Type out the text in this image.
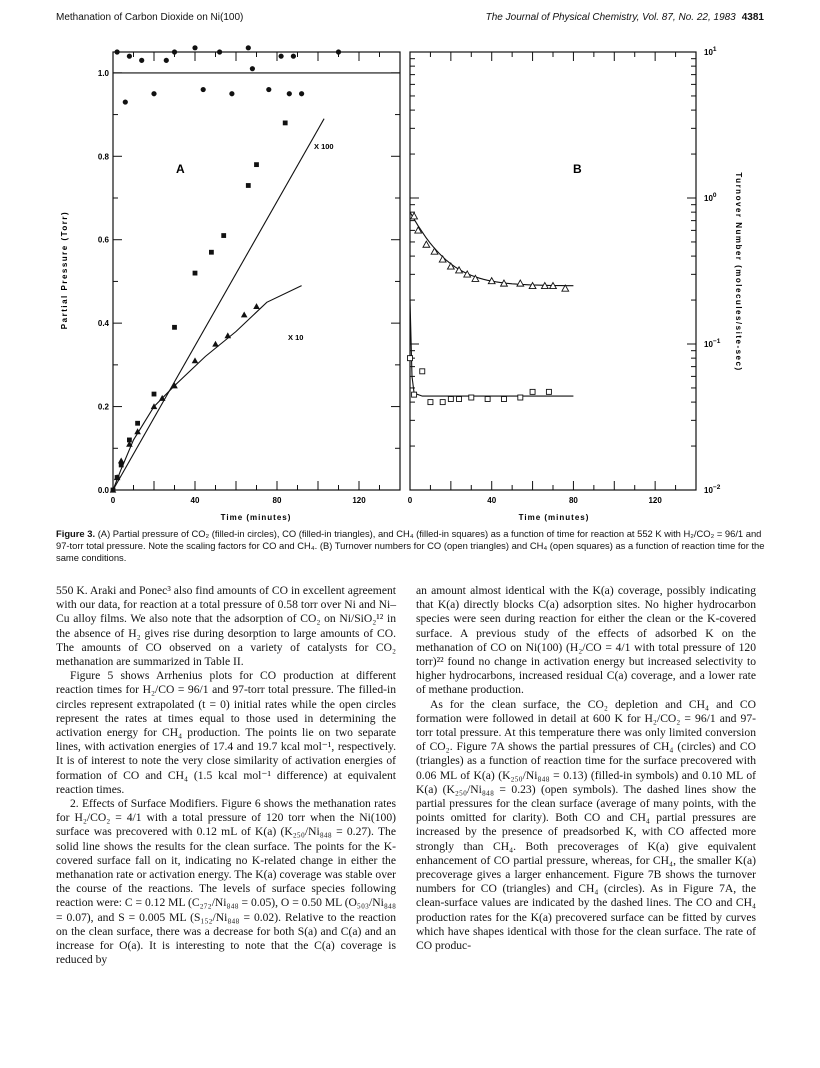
Methanation of Carbon Dioxide on Ni(100)	The Journal of Physical Chemistry, Vol. 87, No. 22, 1983 4381
0	40	80	120
0.0
0.2
0.4
0.6
0.8
1.0
Time (minutes)
Partial Pressure (Torr)
A
X 100
X 10
0	40	80	120
$10^{-2}$
$10^{-1}$
$10^0$
$10^1$
Time (minutes)
Turnover Number (molecules/site-sec)
B
Figure 3. (A) Partial pressure of CO₂ (filled-in circles), CO (filled-in triangles), and CH₄ (filled-in squares) as a function of time for reaction at 552 K with H₂/CO₂ = 96/1 and 97-torr total pressure. Note the scaling factors for CO and CH₄. (B) Turnover numbers for CO (open triangles) and CH₄ (open squares) as a function of reaction time for the same conditions.

550 K. Araki and Ponec³ also find amounts of CO in excellent agreement with our data, for reaction at a total pressure of 0.58 torr over Ni and Ni–Cu alloy films. We also note that the adsorption of CO₂ on Ni/SiO₂¹² in the absence of H₂ gives rise during desorption to large amounts of CO. The amounts of CO observed on a variety of catalysts for CO₂ methanation are summarized in Table II.

Figure 5 shows Arrhenius plots for CO production at different reaction times for H₂/CO = 96/1 and 97-torr total pressure. The filled-in circles represent extrapolated (t = 0) initial rates while the open circles represent the rates at times equal to those used in determining the activation energy for CH₄ production. The points lie on two separate lines, with activation energies of 17.4 and 19.7 kcal mol⁻¹, respectively. It is of interest to note the very close similarity of activation energies of formation of CO and CH₄ (1.5 kcal mol⁻¹ difference) at equivalent reaction times.

2. Effects of Surface Modifiers. Figure 6 shows the methanation rates for H₂/CO₂ = 4/1 with a total pressure of 120 torr when the Ni(100) surface was precovered with 0.12 mL of K(a) (K₂₅₀/Ni₈₄₈ = 0.27). The solid line shows the results for the clean surface. The points for the K-covered surface fall on it, indicating no K-related change in either the methanation rate or activation energy. The K(a) coverage was stable over the course of the reactions. The levels of surface species following reaction were: C = 0.12 ML (C₂₇₂/Ni₈₄₈ = 0.05), O = 0.50 ML (O₅₀₃/Ni₈₄₈ = 0.07), and S = 0.005 ML (S₁₅₂/Ni₈₄₈ = 0.02). Relative to the reaction on the clean surface, there was a decrease for both S(a) and C(a) and an increase for O(a). It is interesting to note that the C(a) coverage is reduced by

an amount almost identical with the K(a) coverage, possibly indicating that K(a) directly blocks C(a) adsorption sites. No higher hydrocarbon species were seen during reaction for either the clean or the K-covered surface. A previous study of the effects of adsorbed K on the methanation of CO on Ni(100) (H₂/CO = 4/1 with total pressure of 120 torr)²² found no change in activation energy but increased selectivity to higher hydrocarbons, increased residual C(a) coverage, and a lower rate of methane production.

As for the clean surface, the CO₂ depletion and CH₄ and CO formation were followed in detail at 600 K for H₂/CO₂ = 96/1 and 97-torr total pressure. At this temperature there was only limited conversion of CO₂. Figure 7A shows the partial pressures of CH₄ (circles) and CO (triangles) as a function of reaction time for the surface precovered with 0.06 ML of K(a) (K₂₅₀/Ni₈₄₈ = 0.13) (filled-in symbols) and 0.10 ML of K(a) (K₂₅₀/Ni₈₄₈ = 0.23) (open symbols). The dashed lines show the partial pressures for the clean surface (average of many points, with the points omitted for clarity). Both CO and CH₄ partial pressures are increased by the presence of preadsorbed K, with CO affected more strongly than CH₄. Both precoverages of K(a) give equivalent enhancement of CO partial pressure, whereas, for CH₄, the smaller K(a) precoverage gives a larger enhancement. Figure 7B shows the turnover numbers for CO (triangles) and CH₄ (circles). As in Figure 7A, the clean-surface values are indicated by the dashed lines. The CO and CH₄ production rates for the K(a) precovered surface can be fitted by curves which have shapes identical with those for the clean surface. The rate of CO produc-
